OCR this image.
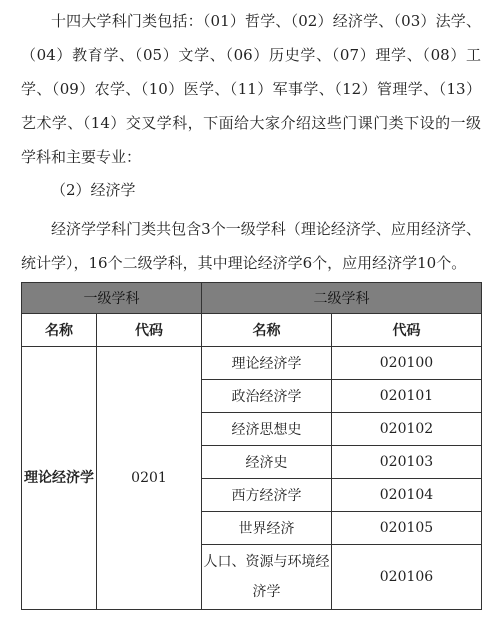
十四大学科门类包括：（01）哲学、（02）经济学、（03）法学、（04）教育学、（05）文学、（06）历史学、（07）理学、（08）工学、（09）农学、（10）医学、（11）军事学、（12）管理学、（13）艺术学、（14）交叉学科，下面给大家介绍这些门课门类下设的一级学科和主要专业：

（2）经济学

经济学学科门类共包含3个一级学科（理论经济学、应用经济学、统计学），16个二级学科，其中理论经济学6个，应用经济学10个。

一级学科		二级学科	
名称	代码	名称	代码
理论经济学	0201	理论经济学	020100
		政治经济学	020101
		经济思想史	020102
		经济史	020103
		西方经济学	020104
		世界经济	020105
		人口、资源与环境经济学	020106
